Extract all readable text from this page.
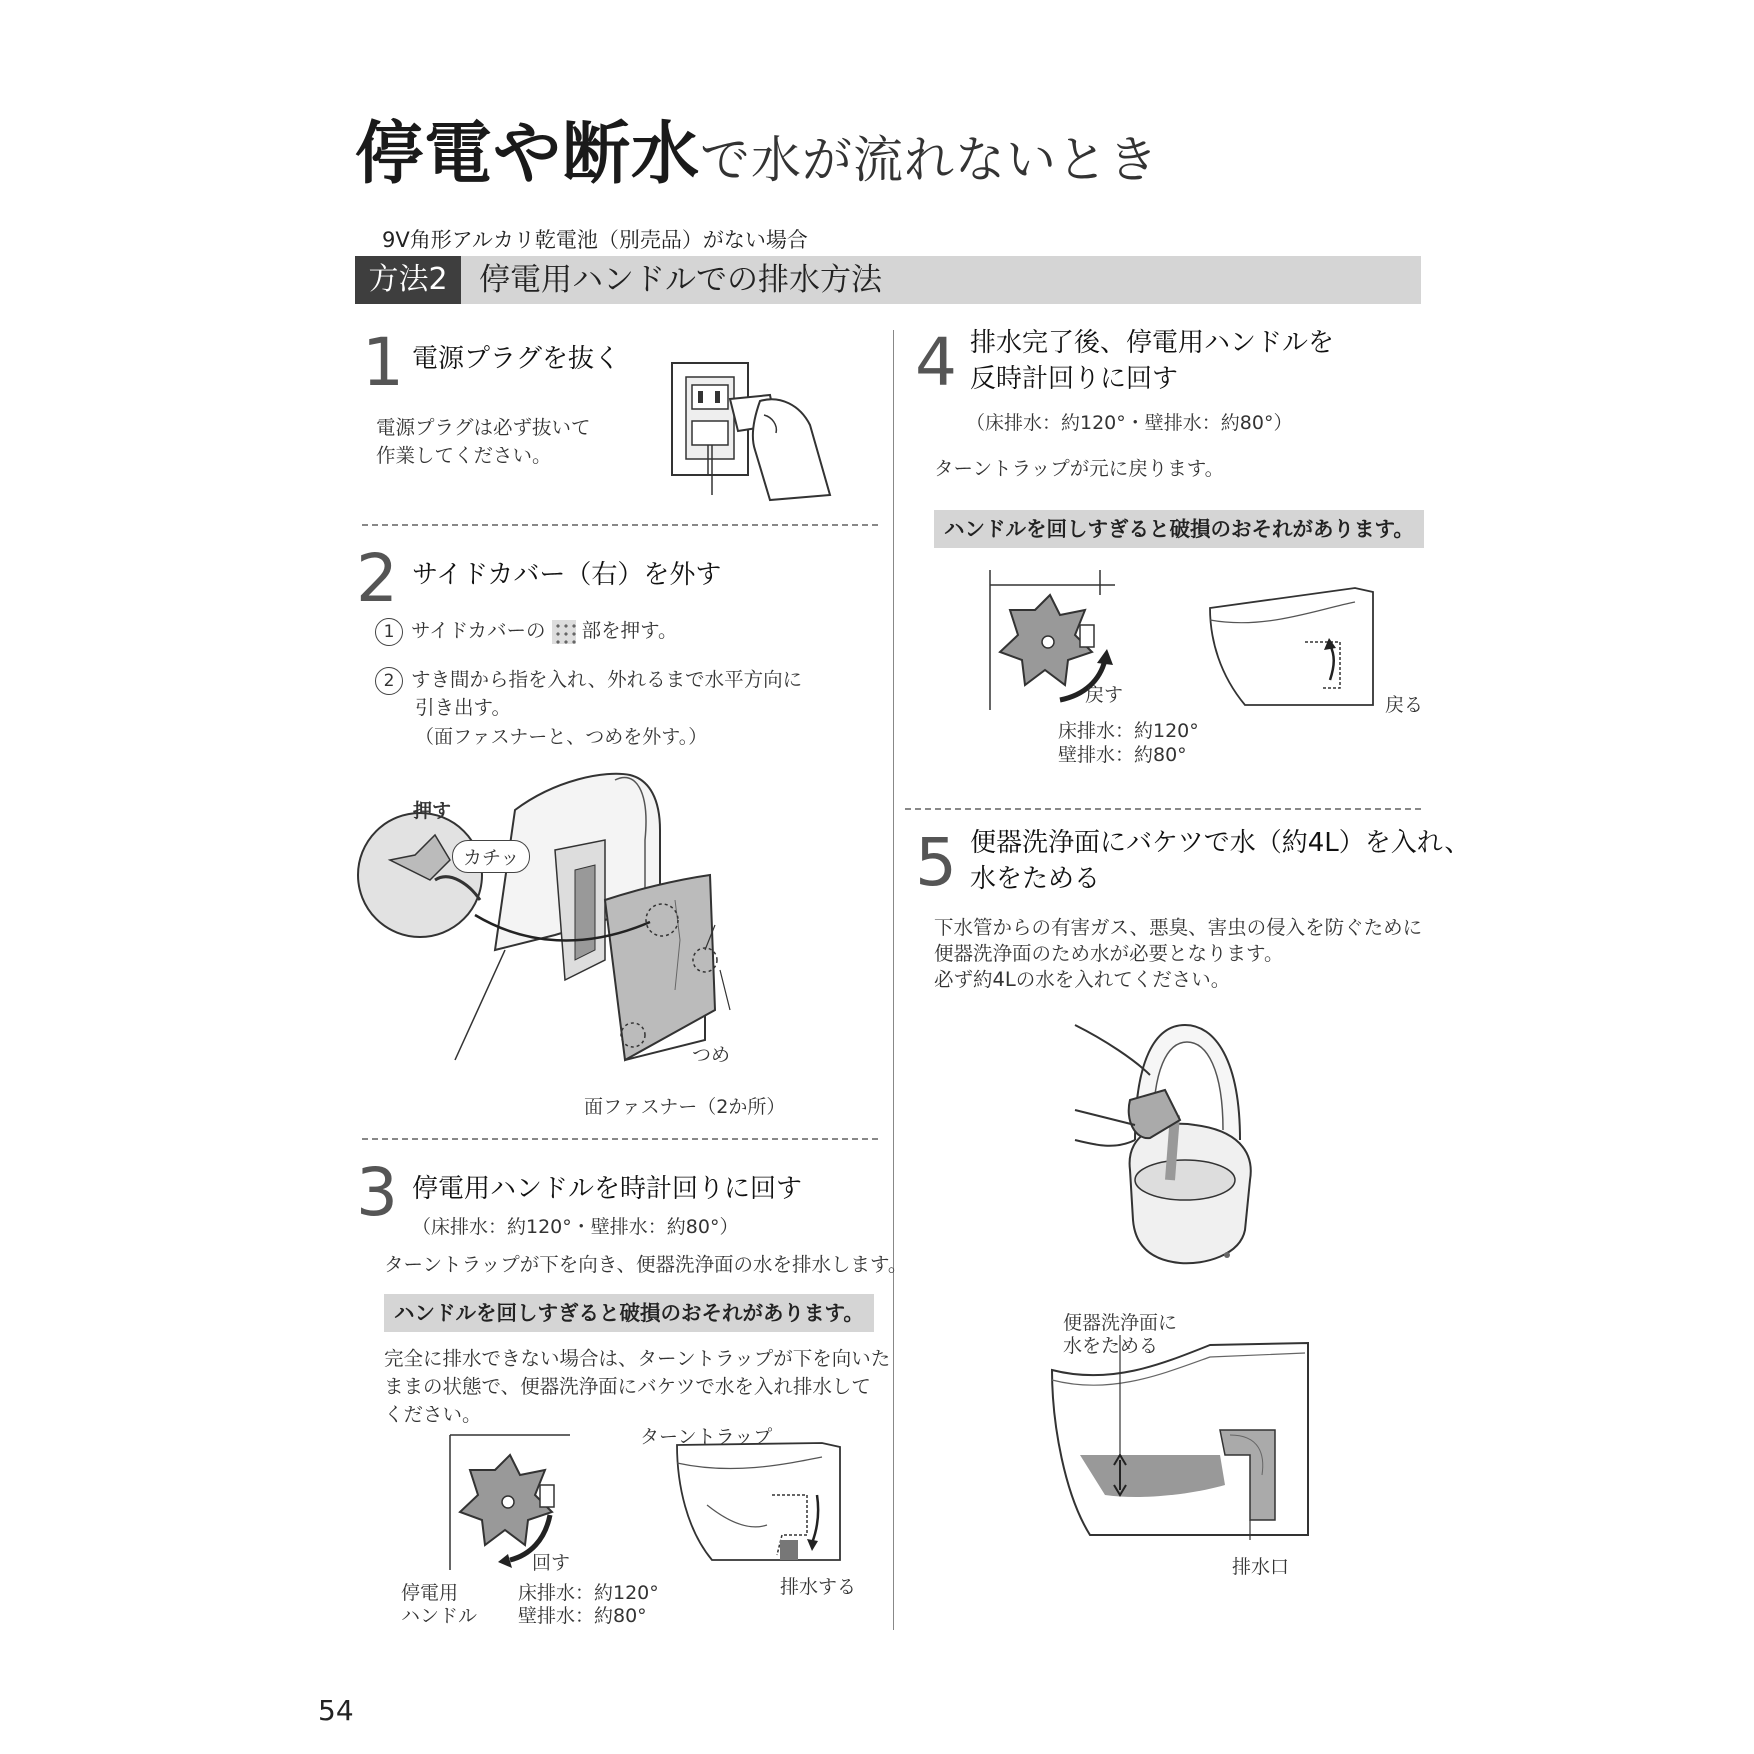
停電や断水で水が流れないとき
9V角形アルカリ乾電池（別売品）がない場合
方法2	停電用ハンドルでの排水方法
1 電源プラグを抜く
電源プラグは必ず抜いて
作業してください。
2 サイドカバー（右）を外す
1 サイドカバーの 部を押す。
2 すき間から指を入れ、外れるまで水平方向に
引き出す。
（面ファスナーと、つめを外す。）
押す
カチッ
つめ
面ファスナー（2か所）
3 停電用ハンドルを時計回りに回す
（床排水：約120°・壁排水：約80°）
ターントラップが下を向き、便器洗浄面の水を排水します。
ハンドルを回しすぎると破損のおそれがあります。
完全に排水できない場合は、ターントラップが下を向いた
ままの状態で、便器洗浄面にバケツで水を入れ排水して
ください。
ターントラップ
回す
停電用
ハンドル
床排水：約120°
壁排水：約80°
排水する
4 排水完了後、停電用ハンドルを
反時計回りに回す
（床排水：約120°・壁排水：約80°）
ターントラップが元に戻ります。
ハンドルを回しすぎると破損のおそれがあります。
戻す	戻る
床排水：約120°
壁排水：約80°
5 便器洗浄面にバケツで水（約4L）を入れ、
水をためる
下水管からの有害ガス、悪臭、害虫の侵入を防ぐために
便器洗浄面のため水が必要となります。
必ず約4Lの水を入れてください。
便器洗浄面に
水をためる
排水口
54
